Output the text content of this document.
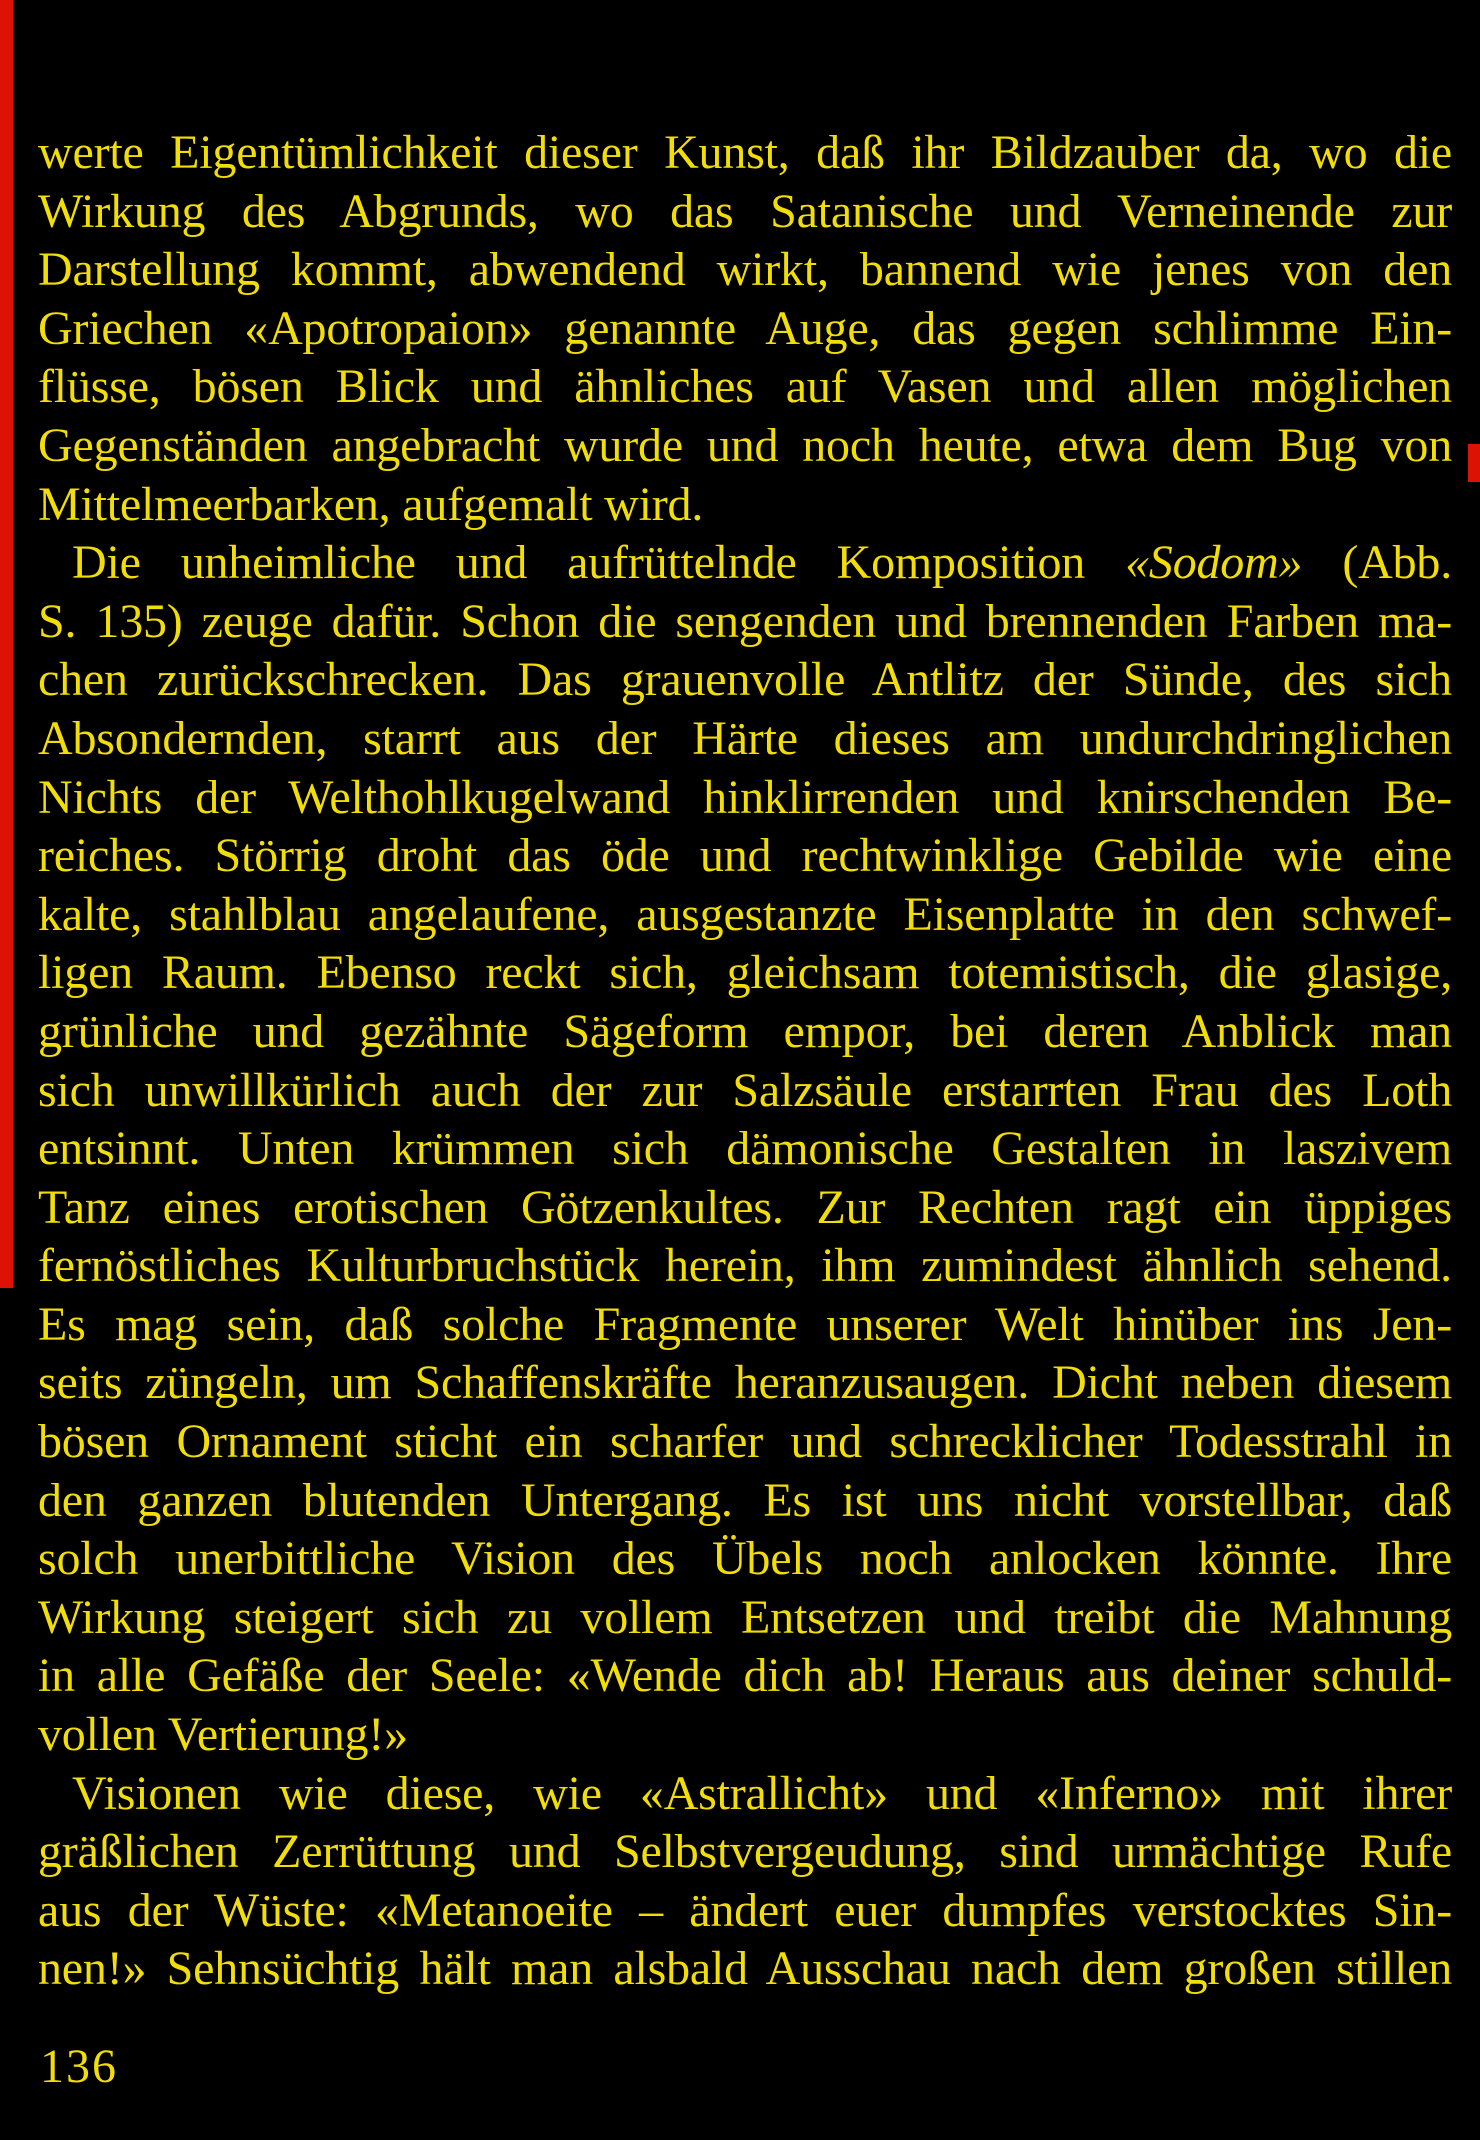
werte Eigentümlichkeit dieser Kunst, daß ihr Bildzauber da, wo die
Wirkung des Abgrunds, wo das Satanische und Verneinende zur
Darstellung kommt, abwendend wirkt, bannend wie jenes von den
Griechen «Apotropaion» genannte Auge, das gegen schlimme Ein-
flüsse, bösen Blick und ähnliches auf Vasen und allen möglichen
Gegenständen angebracht wurde und noch heute, etwa dem Bug von
Mittelmeerbarken, aufgemalt wird.
Die unheimliche und aufrüttelnde Komposition «Sodom» (Abb.
S. 135) zeuge dafür. Schon die sengenden und brennenden Farben ma-
chen zurückschrecken. Das grauenvolle Antlitz der Sünde, des sich
Absondernden, starrt aus der Härte dieses am undurchdringlichen
Nichts der Welthohlkugelwand hinklirrenden und knirschenden Be-
reiches. Störrig droht das öde und rechtwinklige Gebilde wie eine
kalte, stahlblau angelaufene, ausgestanzte Eisenplatte in den schwef-
ligen Raum. Ebenso reckt sich, gleichsam totemistisch, die glasige,
grünliche und gezähnte Sägeform empor, bei deren Anblick man
sich unwillkürlich auch der zur Salzsäule erstarrten Frau des Loth
entsinnt. Unten krümmen sich dämonische Gestalten in laszivem
Tanz eines erotischen Götzenkultes. Zur Rechten ragt ein üppiges
fernöstliches Kulturbruchstück herein, ihm zumindest ähnlich sehend.
Es mag sein, daß solche Fragmente unserer Welt hinüber ins Jen-
seits züngeln, um Schaffenskräfte heranzusaugen. Dicht neben diesem
bösen Ornament sticht ein scharfer und schrecklicher Todesstrahl in
den ganzen blutenden Untergang. Es ist uns nicht vorstellbar, daß
solch unerbittliche Vision des Übels noch anlocken könnte. Ihre
Wirkung steigert sich zu vollem Entsetzen und treibt die Mahnung
in alle Gefäße der Seele: «Wende dich ab! Heraus aus deiner schuld-
vollen Vertierung!»
Visionen wie diese, wie «Astrallicht» und «Inferno» mit ihrer
gräßlichen Zerrüttung und Selbstvergeudung, sind urmächtige Rufe
aus der Wüste: «Metanoeite – ändert euer dumpfes verstocktes Sin-
nen!» Sehnsüchtig hält man alsbald Ausschau nach dem großen stillen
136
